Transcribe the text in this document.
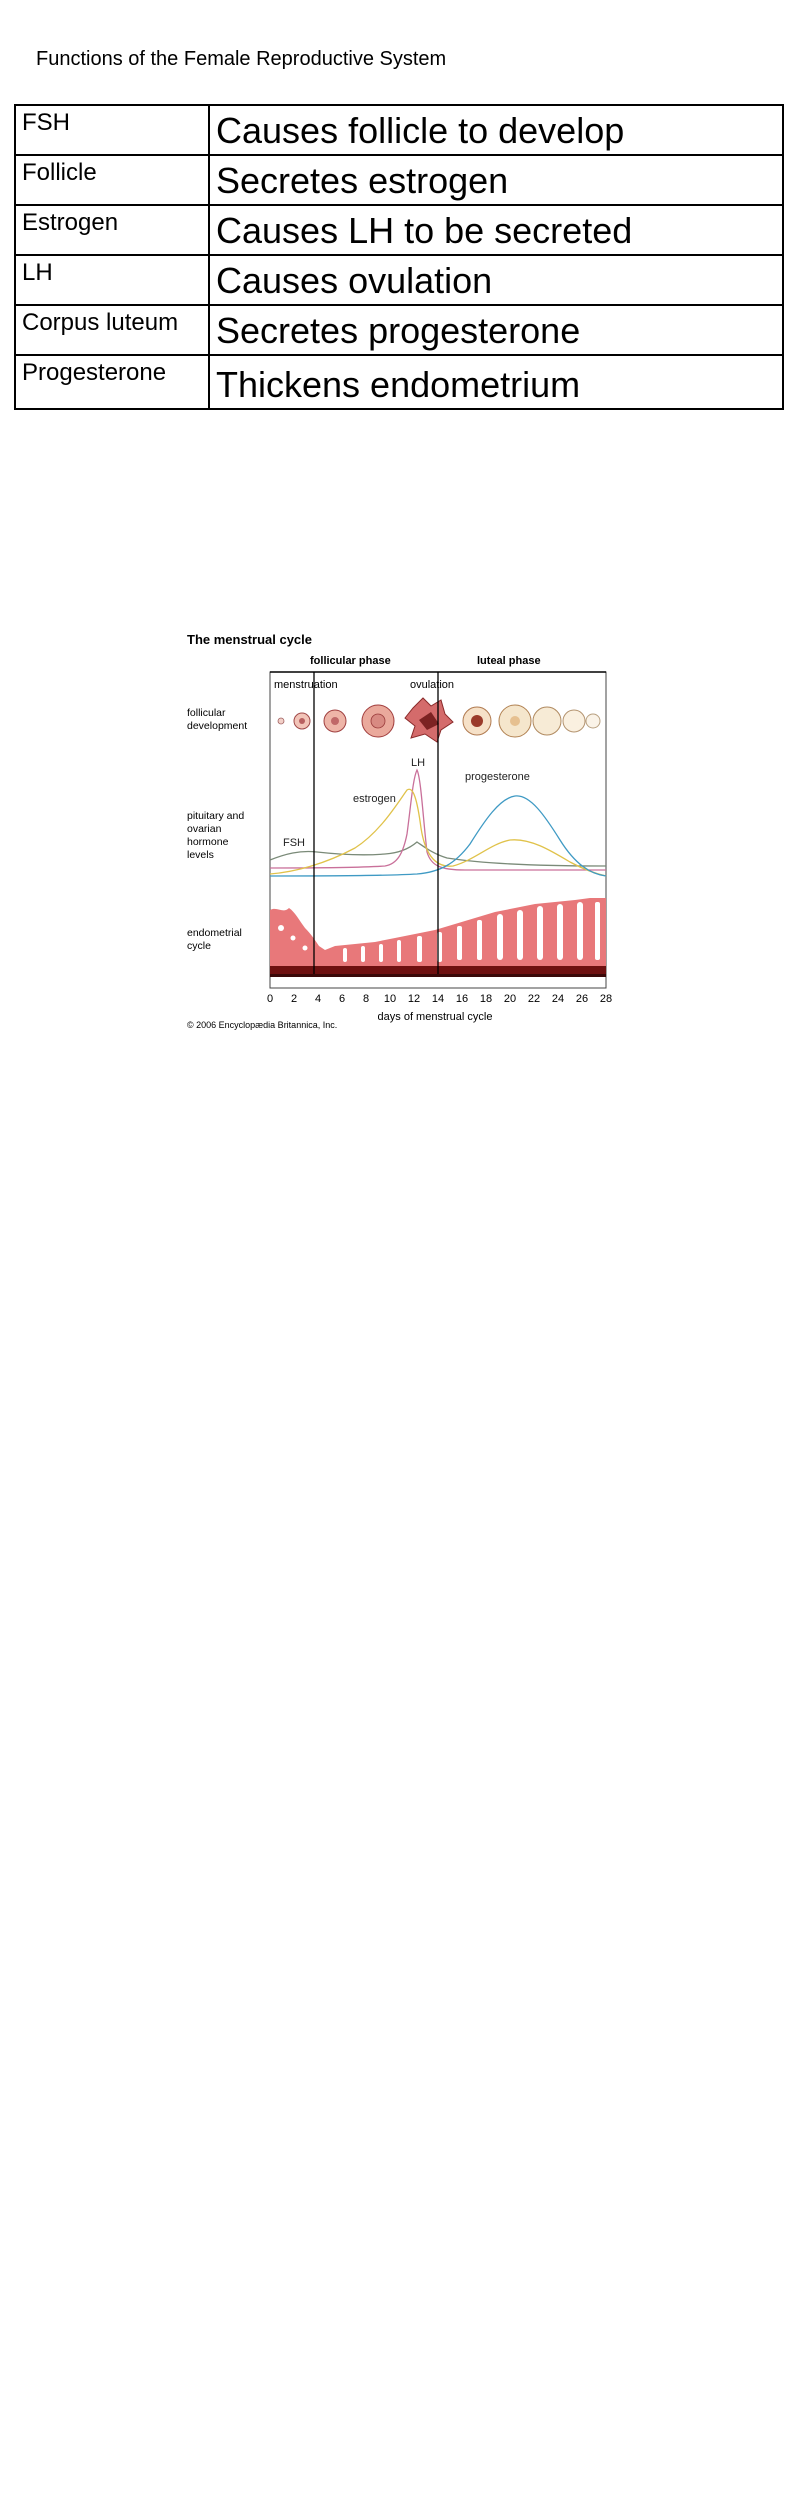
Functions of the Female Reproductive System
FSH	Causes follicle to develop
Follicle	Secretes estrogen
Estrogen	Causes LH to be secreted
LH	Causes ovulation
Corpus luteum	Secretes progesterone
Progesterone	Thickens endometrium
The menstrual cycle
follicular phase	luteal phase
menstruation	ovulation
follicular development
pituitary and ovarian hormone levels
endometrial cycle
progesterone
estrogen
LH
FSH
0 2 4 6 8 10 12 14 16 18 20 22 24 26 28
days of menstrual cycle
© 2006 Encyclopædia Britannica, Inc.
